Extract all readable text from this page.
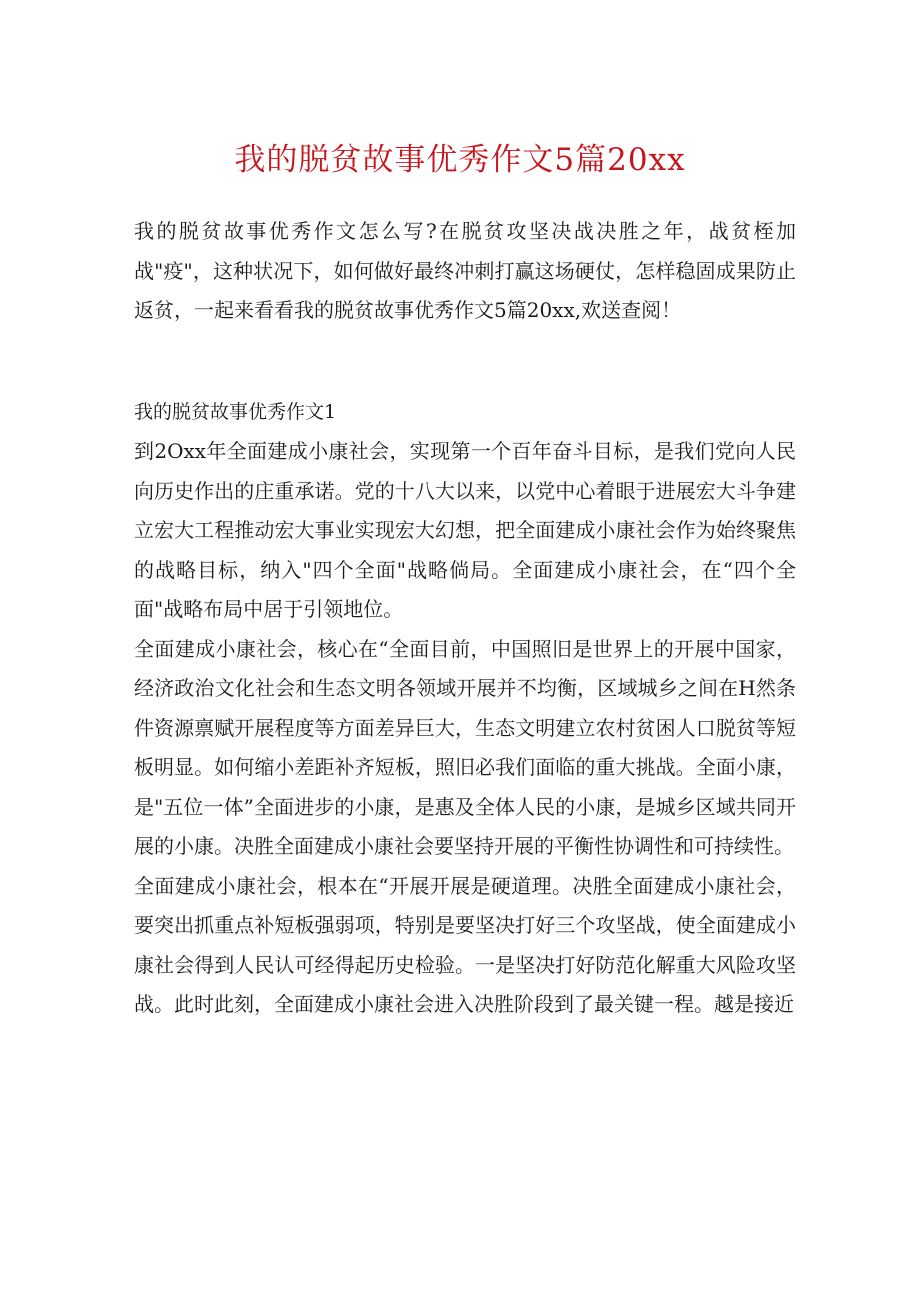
我的脱贫故事优秀作文5篇20xx

我的脱贫故事优秀作文怎么写?在脱贫攻坚决战决胜之年，战贫桎加战"疫"，这种状况下，如何做好最终冲刺打赢这场硬仗，怎样稳固成果防止返贫，一起来看看我的脱贫故事优秀作文5篇20xx,欢送查阅！

我的脱贫故事优秀作文1

到2Oxx年全面建成小康社会，实现第一个百年奋斗目标，是我们党向人民向历史作出的庄重承诺。党的十八大以来，以党中心着眼于进展宏大斗争建立宏大工程推动宏大事业实现宏大幻想，把全面建成小康社会作为始终聚焦的战略目标，纳入"四个全面"战略倘局。全面建成小康社会，在“四个全面"战略布局中居于引领地位。

全面建成小康社会，核心在“全面目前，中国照旧是世界上的开展中国家，经济政治文化社会和生态文明各领域开展并不均衡，区域城乡之间在H然条件资源禀赋开展程度等方面差异巨大，生态文明建立农村贫困人口脱贫等短板明显。如何缩小差距补齐短板，照旧必我们面临的重大挑战。全面小康，是"五位一体”全面进步的小康，是惠及全体人民的小康，是城乡区域共同开展的小康。决胜全面建成小康社会要坚持开展的平衡性协调性和可持续性。

全面建成小康社会，根本在“开展开展是硬道理。决胜全面建成小康社会，要突出抓重点补短板强弱项，特别是要坚决打好三个攻坚战，使全面建成小康社会得到人民认可经得起历史检验。一是坚决打好防范化解重大风险攻坚战。此时此刻，全面建成小康社会进入决胜阶段到了最关键一程。越是接近
